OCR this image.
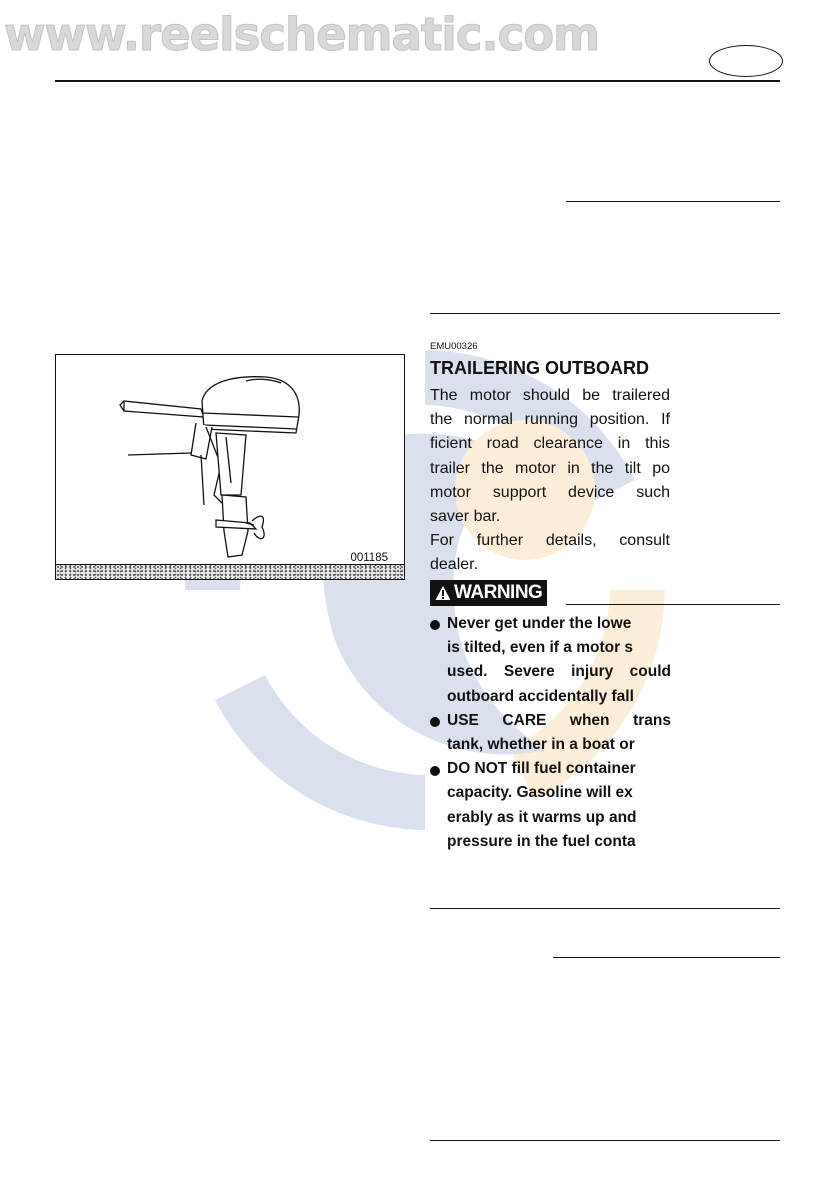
www.reelschematic.com
001185
EMU00326
TRAILERING OUTBOARD
The motor should be trailered
the normal running position. If
ficient road clearance in this
trailer the motor in the tilt po
motor support device such
saver bar.
For further details, consult
dealer.
WARNING
Never get under the lowe
is tilted, even if a motor s
used. Severe injury could
outboard accidentally fall
USE CARE when trans
tank, whether in a boat or
DO NOT fill fuel container
capacity. Gasoline will ex
erably as it warms up and
pressure in the fuel conta
